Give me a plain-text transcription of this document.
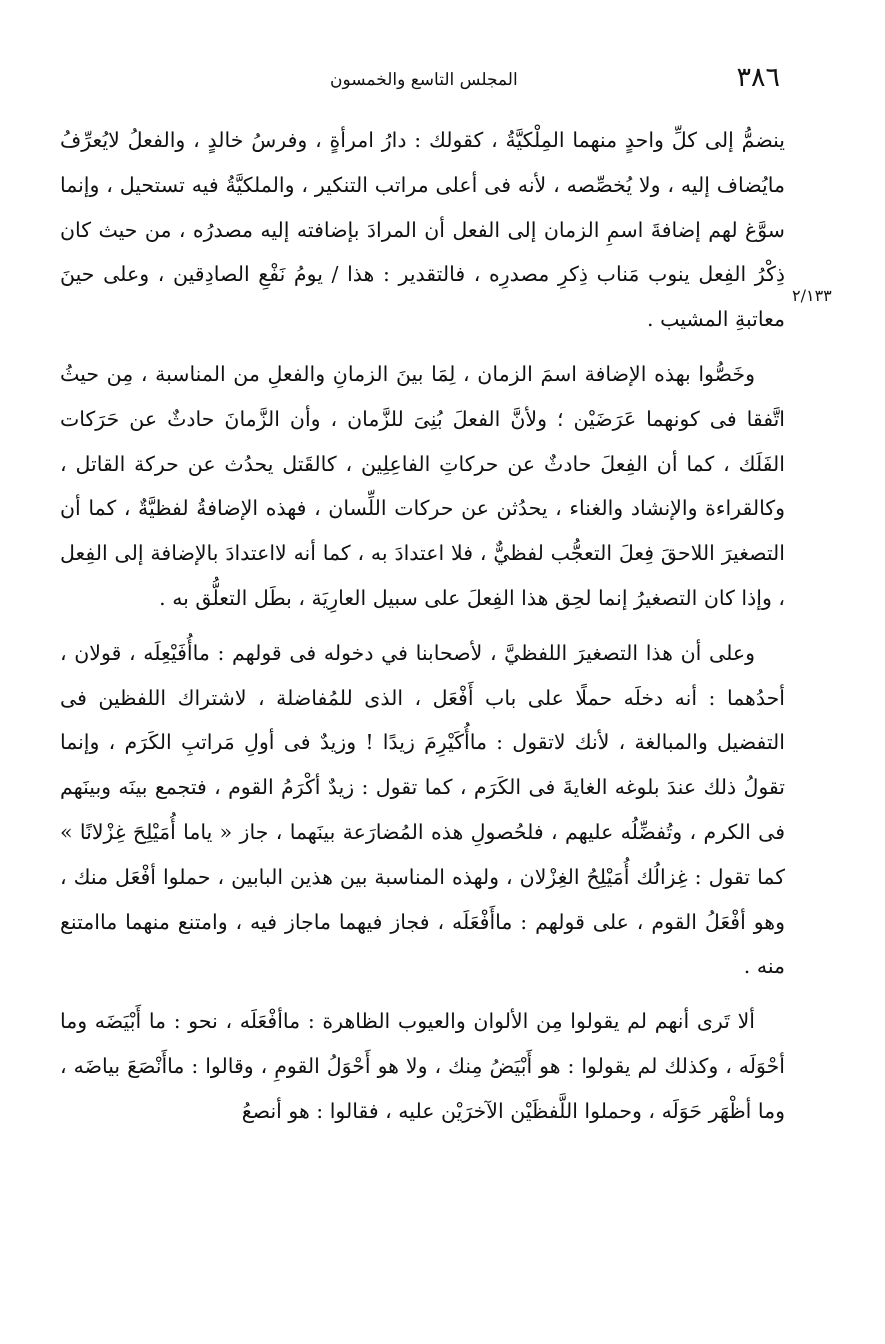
٣٨٦
المجلس التاسع والخمسون
٢/١٣٣

ينضمُّ إلى كلِّ واحدٍ منهما المِلْكيَّةُ ، كقولك : دارُ امرأةٍ ، وفرسُ خالدٍ ، والفعلُ لايُعرِّفُ مايُضاف إليه ، ولا يُخصِّصه ، لأنه فى أعلى مراتب التنكير ، والملكيَّةُ فيه تستحيل ، وإنما سوَّغ لهم إضافةَ اسمِ الزمان إلى الفعل أن المرادَ بإضافته إليه مصدرُه ، من حيث كان ذِكْرُ الفِعل ينوب مَناب ذِكرِ مصدرِه ، فالتقدير : هذا / يومُ نَفْعِ الصادِقين ، وعلى حينَ معاتبةِ المشيب .

وخَصُّوا بهذه الإضافة اسمَ الزمان ، لِمَا بينَ الزمانِ والفعلِ من المناسبة ، مِن حيثُ اتَّفقا فى كونهما عَرَضَيْن ؛ ولأنَّ الفعلَ بُنِىَ للزَّمان ، وأن الزَّمانَ حادثٌ عن حَرَكات الفَلَك ، كما أن الفِعلَ حادثٌ عن حركاتِ الفاعِلِين ، كالقَتل يحدُث عن حركة القاتل ، وكالقراءة والإنشاد والغناء ، يحدُثن عن حركات اللِّسان ، فهذه الإضافةُ لفظيَّةٌ ، كما أن التصغيرَ اللاحقَ فِعلَ التعجُّب لفظيٌّ ، فلا اعتدادَ به ، كما أنه لااعتدادَ بالإضافة إلى الفِعل ، وإذا كان التصغيرُ إنما لحِق هذا الفِعلَ على سبيل العارِيَة ، بطَل التعلُّق به .

وعلى أن هذا التصغيرَ اللفظيَّ ، لأصحابنا في دخوله فى قولهم : ماأُفَيْعِلَه ، قولان ، أحدُهما : أنه دخلَه حملًا على باب أَفْعَل ، الذى للمُفاضلة ، لاشتراك اللفظين فى التفضيل والمبالغة ، لأنك لاتقول : ماأُكَيْرِمَ زيدًا ! وزيدٌ فى أولِ مَراتبِ الكَرَم ، وإنما تقولُ ذلك عندَ بلوغه الغايةَ فى الكَرَم ، كما تقول : زيدٌ أكْرَمُ القوم ، فتجمع بينَه وبينَهم فى الكرم ، وتُفضِّلُه عليهم ، فلحُصولِ هذه المُضارَعة بينَهما ، جاز « ياما أُمَيْلِحَ غِزْلانًا » كما تقول : غِزالُك أُمَيْلِحُ الغِزْلان ، ولهذه المناسبة بين هذين البابين ، حملوا أفْعَل منك ، وهو أفْعَلُ القوم ، على قولهم : ماأَفْعَلَه ، فجاز فيهما ماجاز فيه ، وامتنع منهما ماامتنع منه .

ألا تَرى أنهم لم يقولوا مِن الألوان والعيوب الظاهرة : ماأفْعَلَه ، نحو : ما أَبْيَضَه وما أحْوَلَه ، وكذلك لم يقولوا : هو أَبْيَضُ مِنك ، ولا هو أَحْوَلُ القومِ ، وقالوا : ماأَنْصَعَ بياضَه ، وما أظْهَر حَوَلَه ، وحملوا اللَّفظَيْن الآخرَيْن عليه ، فقالوا : هو أنصعُ
